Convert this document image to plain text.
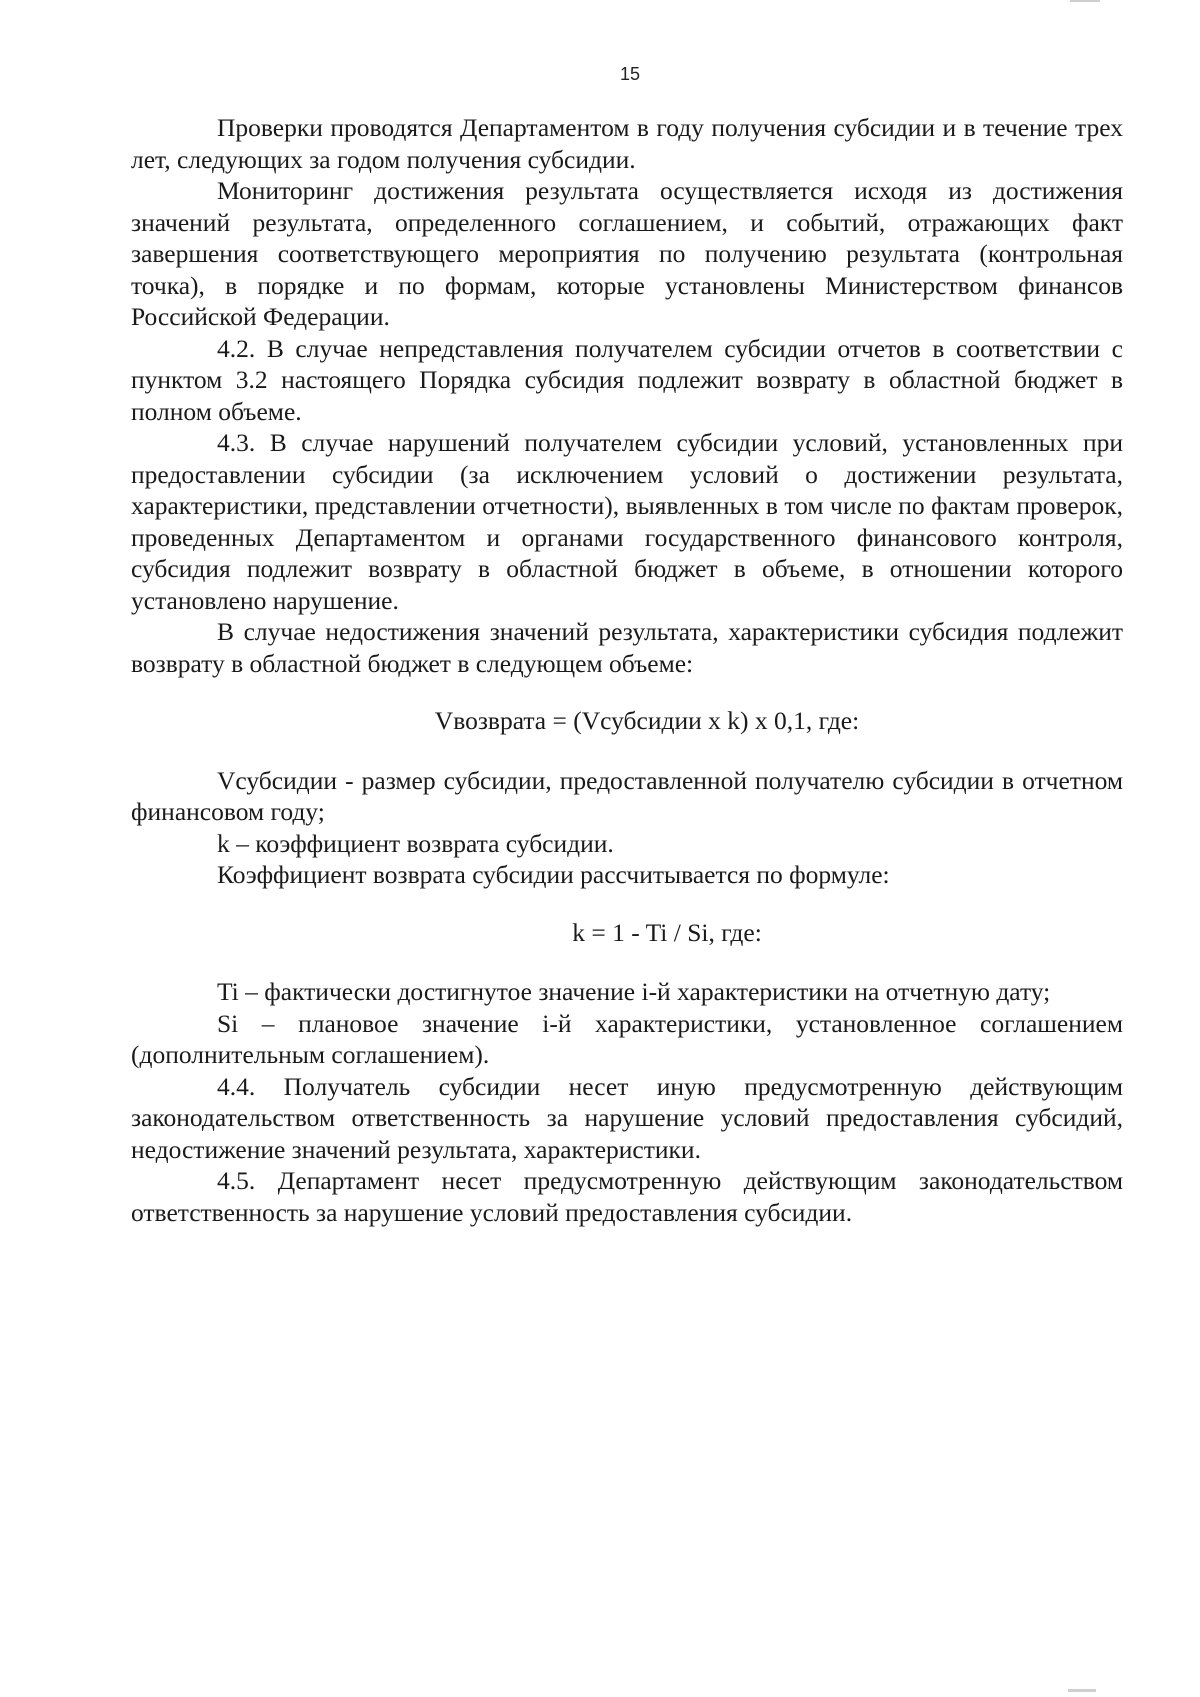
15

Проверки проводятся Департаментом в году получения субсидии и в течение трех лет, следующих за годом получения субсидии.

Мониторинг достижения результата осуществляется исходя из достижения значений результата, определенного соглашением, и событий, отражающих факт завершения соответствующего мероприятия по получению результата (контрольная точка), в порядке и по формам, которые установлены Министерством финансов Российской Федерации.

4.2. В случае непредставления получателем субсидии отчетов в соответствии с пунктом 3.2 настоящего Порядка субсидия подлежит возврату в областной бюджет в полном объеме.

4.3. В случае нарушений получателем субсидии условий, установленных при предоставлении субсидии (за исключением условий о достижении результата, характеристики, представлении отчетности), выявленных в том числе по фактам проверок, проведенных Департаментом и органами государственного финансового контроля, субсидия подлежит возврату в областной бюджет в объеме, в отношении которого установлено нарушение.

В случае недостижения значений результата, характеристики субсидия подлежит возврату в областной бюджет в следующем объеме:

Vвозврата = (Vсубсидии x k) x 0,1, где:

Vсубсидии - размер субсидии, предоставленной получателю субсидии в отчетном финансовом году;

k – коэффициент возврата субсидии.

Коэффициент возврата субсидии рассчитывается по формуле:

k = 1 - Ti / Si, где:

Ti – фактически достигнутое значение i-й характеристики на отчетную дату;

Si – плановое значение i-й характеристики, установленное соглашением (дополнительным соглашением).

4.4. Получатель субсидии несет иную предусмотренную действующим законодательством ответственность за нарушение условий предоставления субсидий, недостижение значений результата, характеристики.

4.5. Департамент несет предусмотренную действующим законодательством ответственность за нарушение условий предоставления субсидии.
